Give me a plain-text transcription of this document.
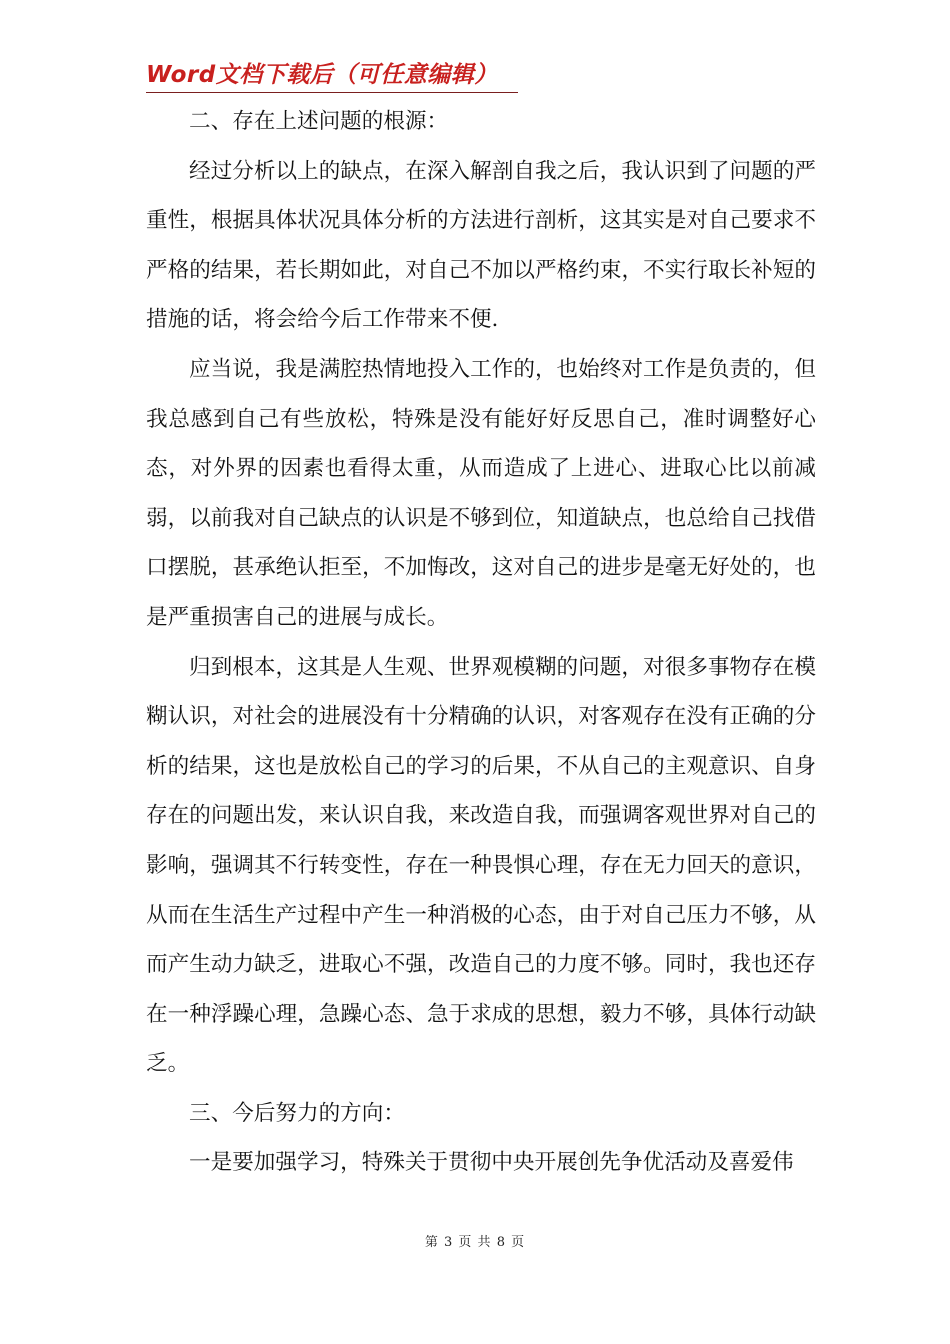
Word文档下载后（可任意编辑）

二、存在上述问题的根源：

经过分析以上的缺点，在深入解剖自我之后，我认识到了问题的严重性，根据具体状况具体分析的方法进行剖析，这其实是对自己要求不严格的结果，若长期如此，对自己不加以严格约束，不实行取长补短的措施的话，将会给今后工作带来不便.

应当说，我是满腔热情地投入工作的，也始终对工作是负责的，但我总感到自己有些放松，特殊是没有能好好反思自己，准时调整好心态，对外界的因素也看得太重，从而造成了上进心、进取心比以前减弱，以前我对自己缺点的认识是不够到位，知道缺点，也总给自己找借口摆脱，甚承绝认拒至，不加悔改，这对自己的进步是毫无好处的，也是严重损害自己的进展与成长。

归到根本，这其是人生观、世界观模糊的问题，对很多事物存在模糊认识，对社会的进展没有十分精确的认识，对客观存在没有正确的分析的结果，这也是放松自己的学习的后果，不从自己的主观意识、自身存在的问题出发，来认识自我，来改造自我，而强调客观世界对自己的影响，强调其不行转变性，存在一种畏惧心理，存在无力回天的意识，从而在生活生产过程中产生一种消极的心态，由于对自己压力不够，从而产生动力缺乏，进取心不强，改造自己的力度不够。同时，我也还存在一种浮躁心理，急躁心态、急于求成的思想，毅力不够，具体行动缺乏。

三、今后努力的方向：

一是要加强学习，特殊关于贯彻中央开展创先争优活动及喜爱伟

第 3 页 共 8 页
